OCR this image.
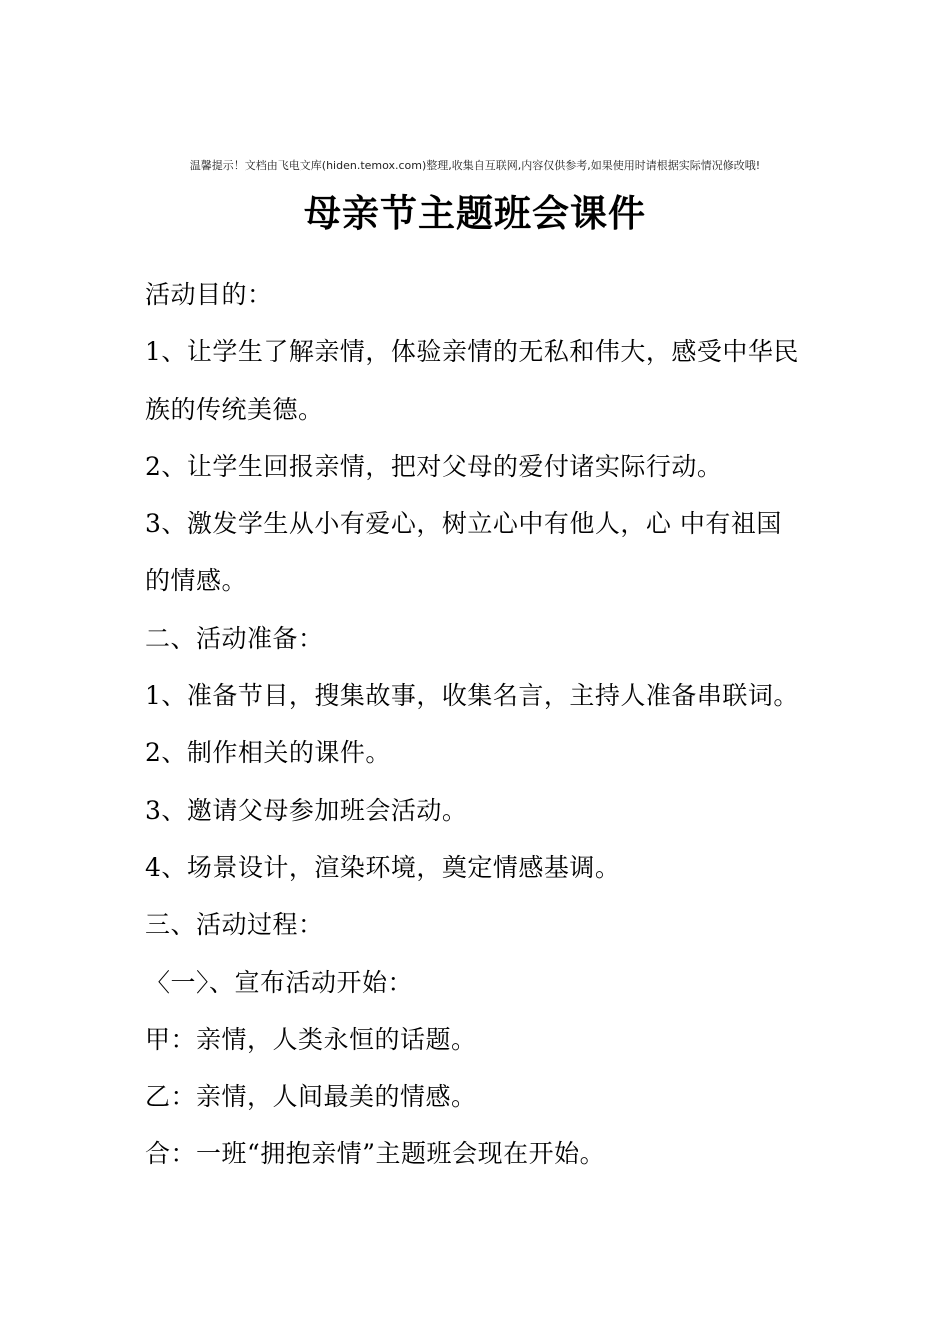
温馨提示！文档由飞电文库(hiden.temox.com)整理,收集自互联网,内容仅供参考,如果使用时请根据实际情况修改哦!
母亲节主题班会课件
活动目的：
1、让学生了解亲情，体验亲情的无私和伟大，感受中华民
族的传统美德。
2、让学生回报亲情，把对父母的爱付诸实际行动。
3、激发学生从小有爱心，树立心中有他人，心 中有祖国
的情感。
二、活动准备：
1、准备节目，搜集故事，收集名言，主持人准备串联词。
2、制作相关的课件。
3、邀请父母参加班会活动。
4、场景设计，渲染环境，奠定情感基调。
三、活动过程：
〈一〉、宣布活动开始：
甲：亲情，人类永恒的话题。
乙：亲情，人间最美的情感。
合：一班“拥抱亲情”主题班会现在开始。
